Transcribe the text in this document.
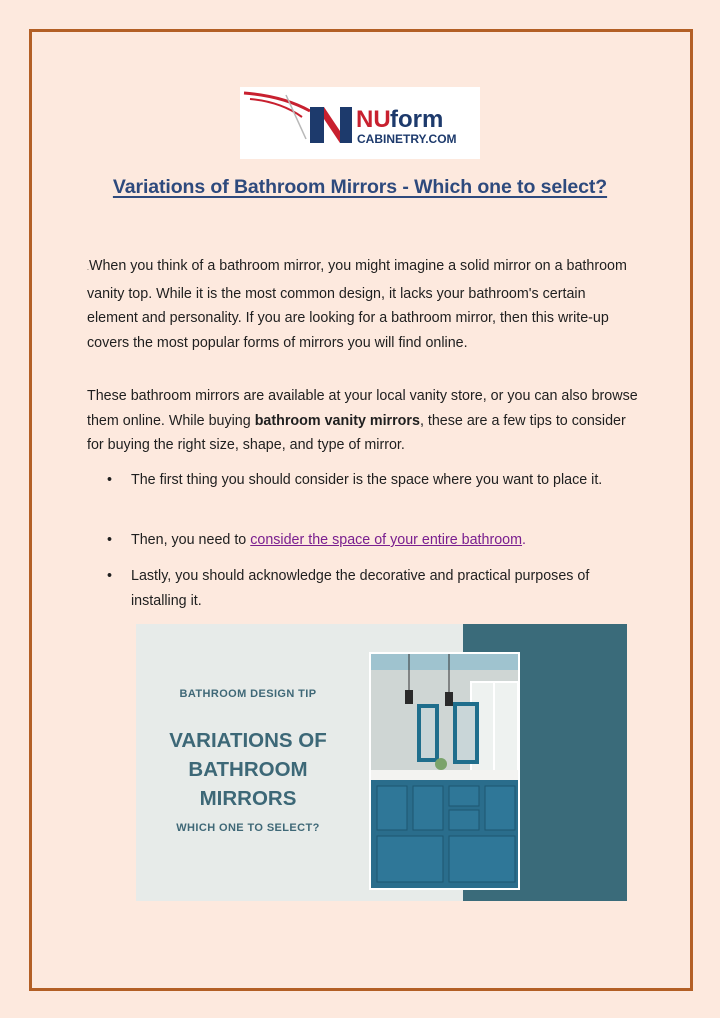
NU form
CABINETRY.COM
Variations of Bathroom Mirrors - Which one to select?

.When you think of a bathroom mirror, you might imagine a solid mirror on a bathroom vanity top. While it is the most common design, it lacks your bathroom's certain element and personality. If you are looking for a bathroom mirror, then this write-up covers the most popular forms of mirrors you will find online.

These bathroom mirrors are available at your local vanity store, or you can also browse them online. While buying bathroom vanity mirrors, these are a few tips to consider for buying the right size, shape, and type of mirror.

• The first thing you should consider is the space where you want to place it.
• Then, you need to consider the space of your entire bathroom.
• Lastly, you should acknowledge the decorative and practical purposes of installing it.
BATHROOM DESIGN TIP
VARIATIONS OF
BATHROOM
MIRRORS
WHICH ONE TO SELECT?
